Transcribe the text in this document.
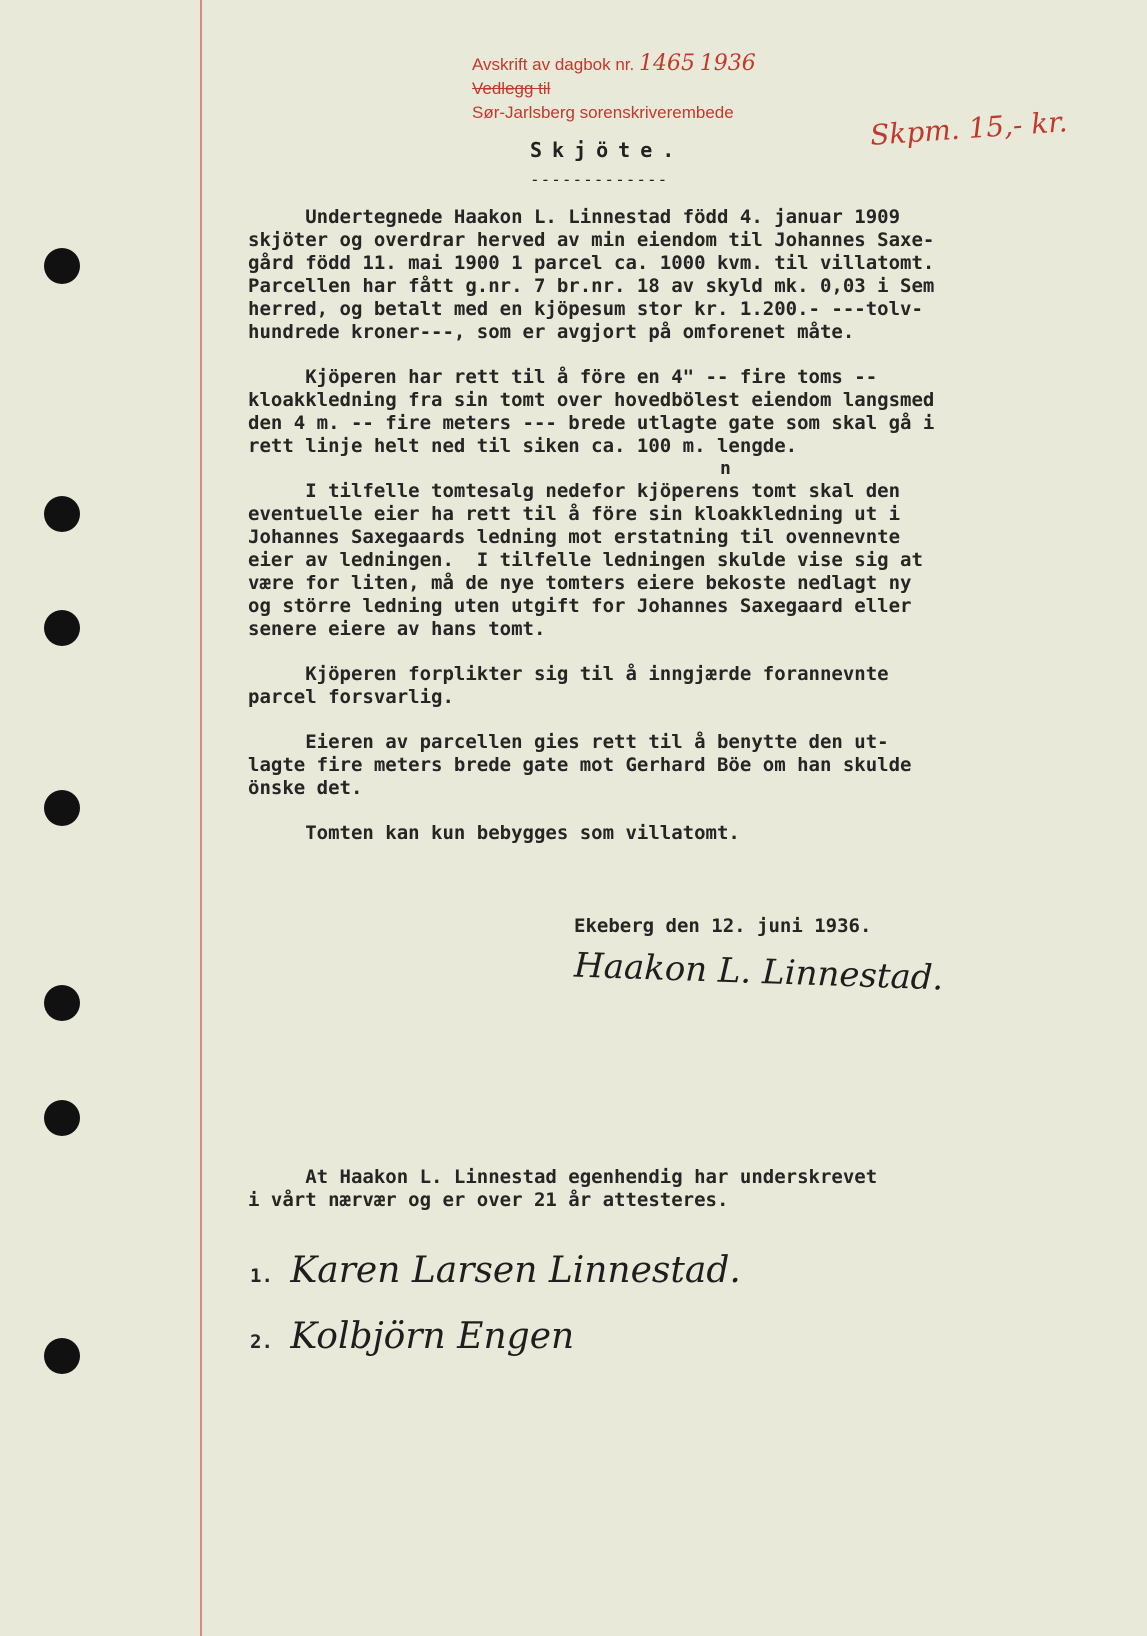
Avskrift av dagbok nr. 1465 1936
Vedlegg til
Sør-Jarlsberg sorenskriverembede	Skpm. 15,- kr.
Skjöte.
-------------

Undertegnede Haakon L. Linnestad född 4. januar 1909
skjöter og overdrar herved av min eiendom til Johannes Saxe-
gård född 11. mai 1900 1 parcel ca. 1000 kvm. til villatomt.
Parcellen har fått g.nr. 7 br.nr. 18 av skyld mk. 0,03 i Sem
herred, og betalt med en kjöpesum stor kr. 1.200.- ---tolv-
hundrede kroner---, som er avgjort på omforenet måte.

Kjöperen har rett til å före en 4" -- fire toms --
kloakkledning fra sin tomt over hovedbölest eiendom langsmed
den 4 m. -- fire meters --- brede utlagte gate som skal gå i
rett linje helt ned til siken ca. 100 m. lengde.

I tilfelle tomtesalg nedefor kjöperens tomt skal den
eventuelle eier ha rett til å före sin kloakkledning ut i
Johannes Saxegaards ledning mot erstatning til ovennevnte
eier av ledningen.  I tilfelle ledningen skulde vise sig at
være for liten, må de nye tomters eiere bekoste nedlagt ny
og större ledning uten utgift for Johannes Saxegaard eller
senere eiere av hans tomt.

Kjöperen forplikter sig til å inngjærde forannevnte
parcel forsvarlig.

Eieren av parcellen gies rett til å benytte den ut-
lagte fire meters brede gate mot Gerhard Böe om han skulde
önske det.

Tomten kan kun bebygges som villatomt.

n
Ekeberg den 12. juni 1936.
Haakon L. Linnestad.
At Haakon L. Linnestad egenhendig har underskrevet
i vårt nærvær og er over 21 år attesteres.
1. Karen Larsen Linnestad.
2. Kolbjörn Engen
